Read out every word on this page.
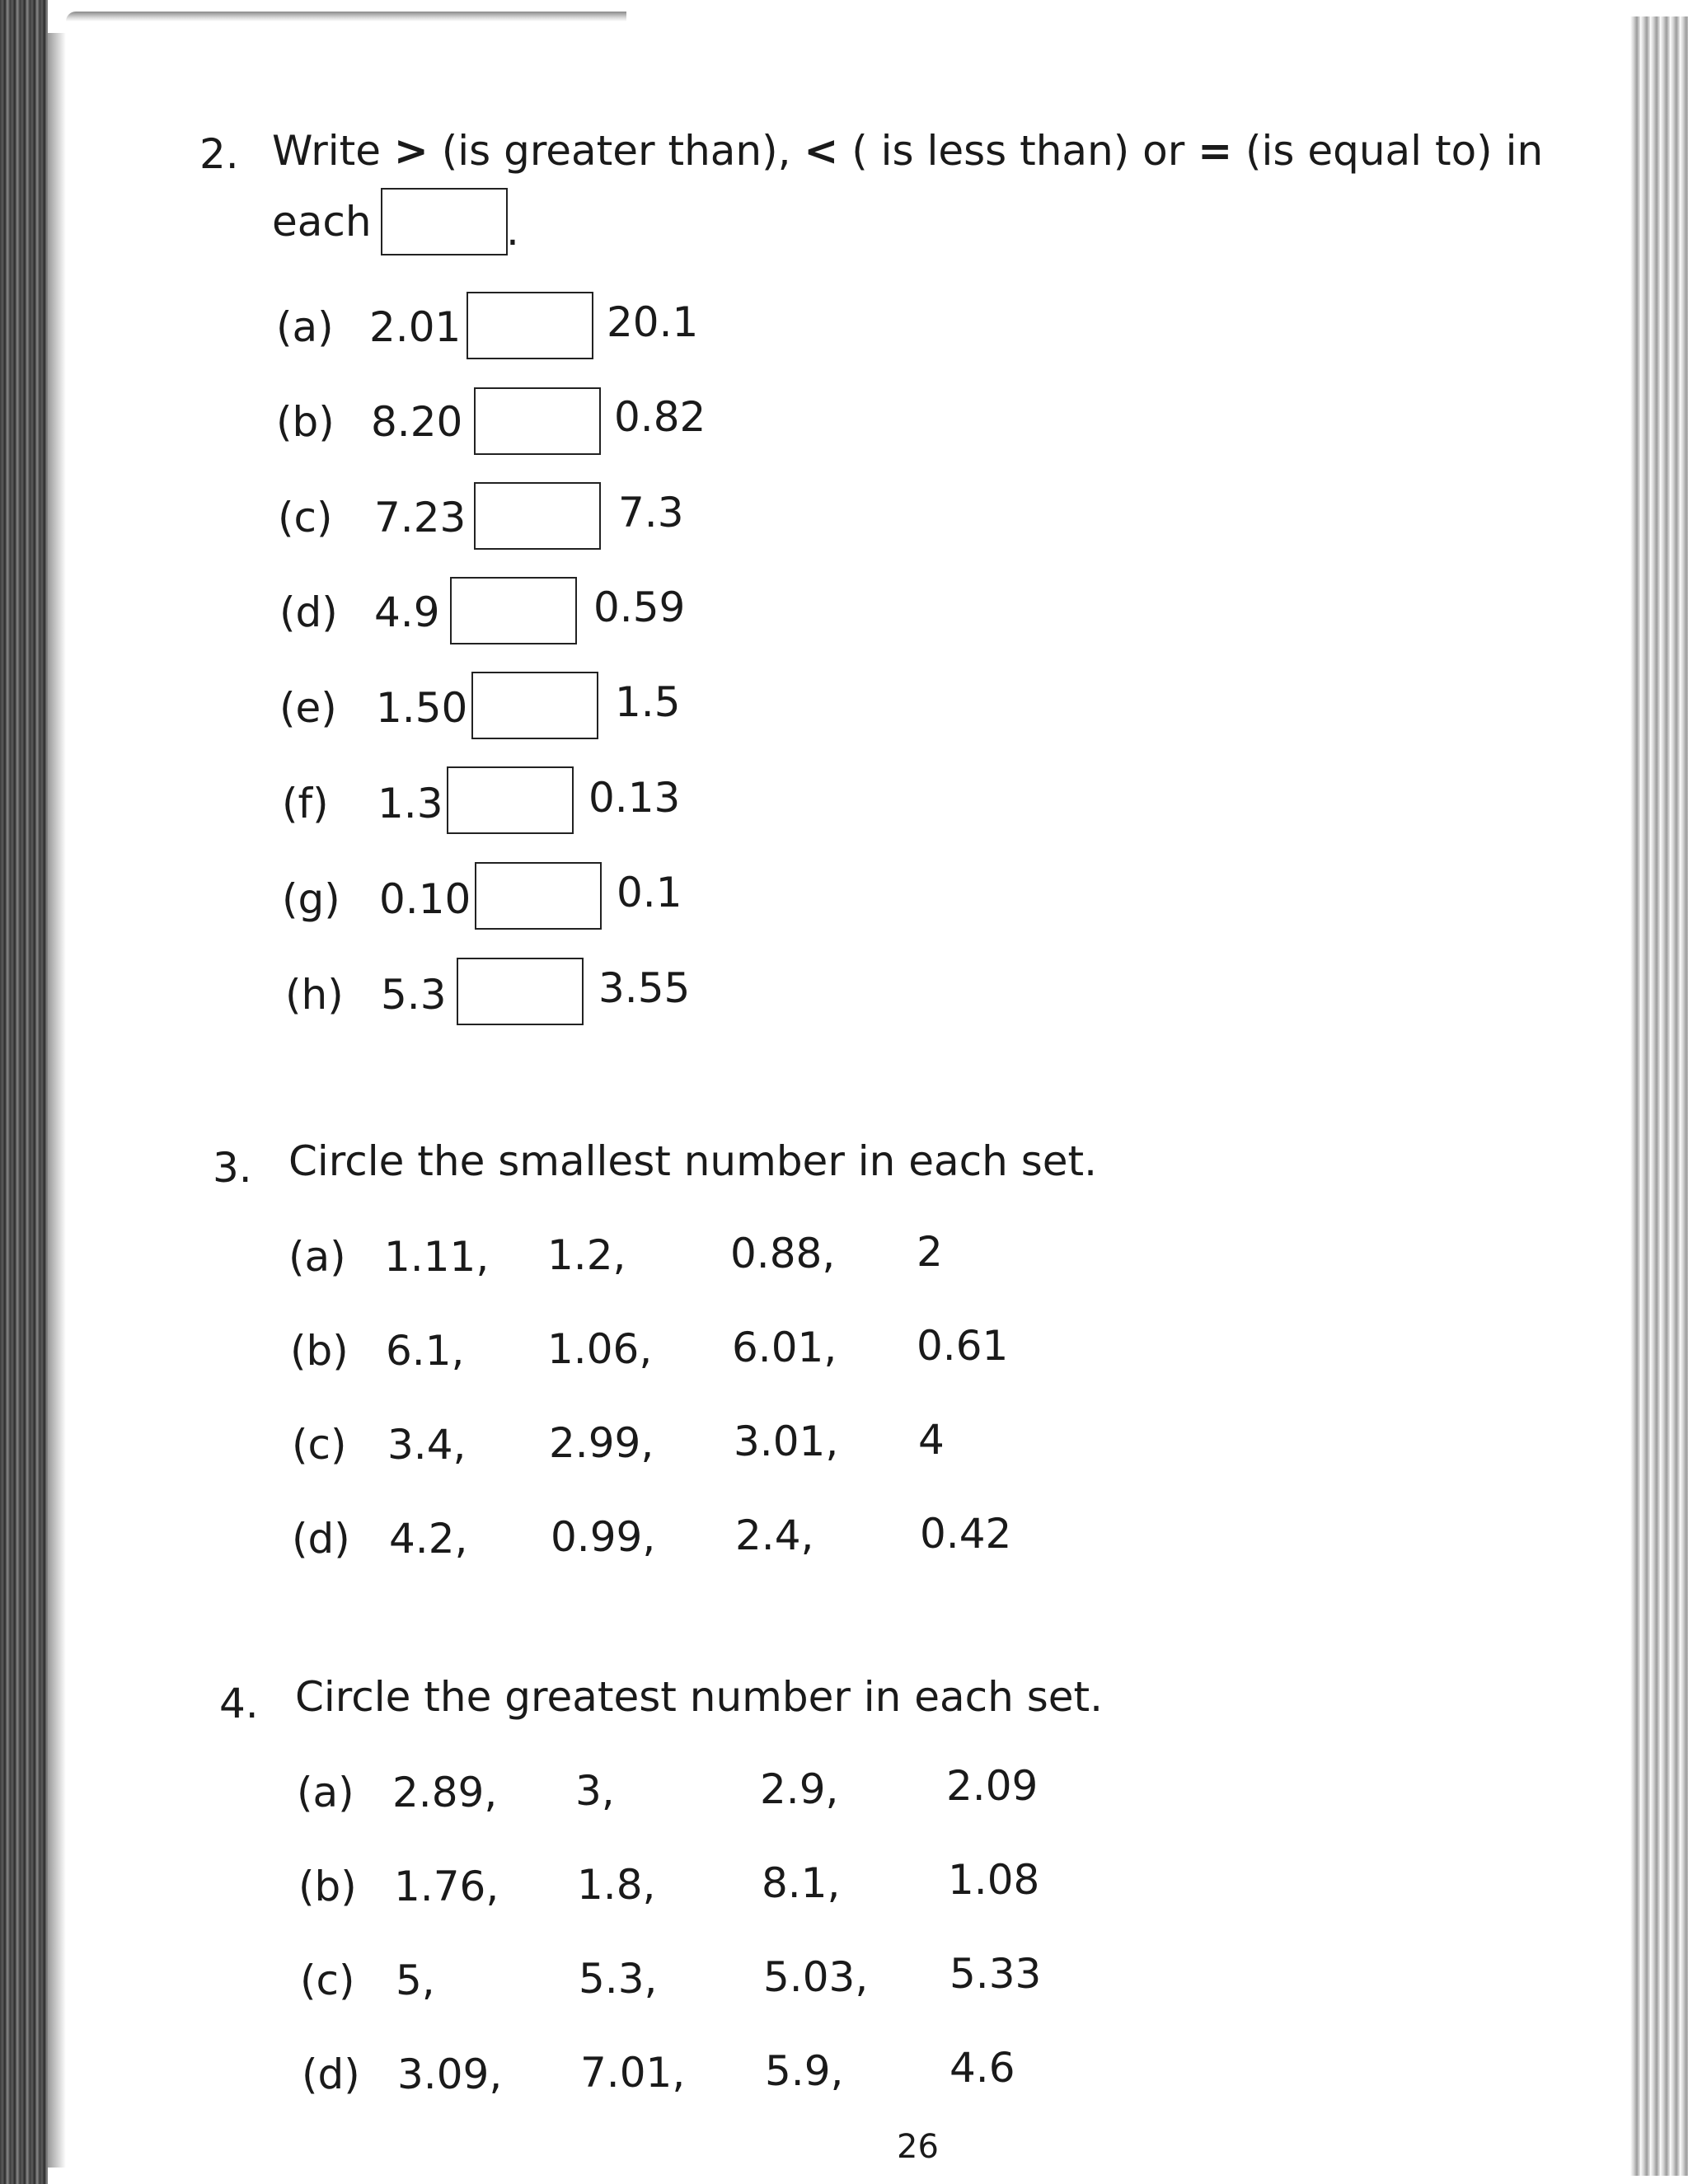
2. Write > (is greater than), < ( is less than) or = (is equal to) in
each	.
(a) 2.01	20.1
(b) 8.20	0.82
(c) 7.23	7.3
(d) 4.9	0.59
(e) 1.50	1.5
(f) 1.3	0.13
(g) 0.10	0.1
(h) 5.3	3.55
3. Circle the smallest number in each set.
(a) 1.11, 1.2,	0.88, 2
(b) 6.1, 1.06, 6.01, 0.61
(c) 3.4, 2.99, 3.01, 4
(d) 4.2, 0.99, 2.4,	0.42
4. Circle the greatest number in each set.
(a) 2.89, 3,	2.9,	2.09
(b) 1.76, 1.8,	8.1,	1.08
(c) 5,	5.3,	5.03, 5.33
(d) 3.09, 7.01, 5.9,	4.6
26
